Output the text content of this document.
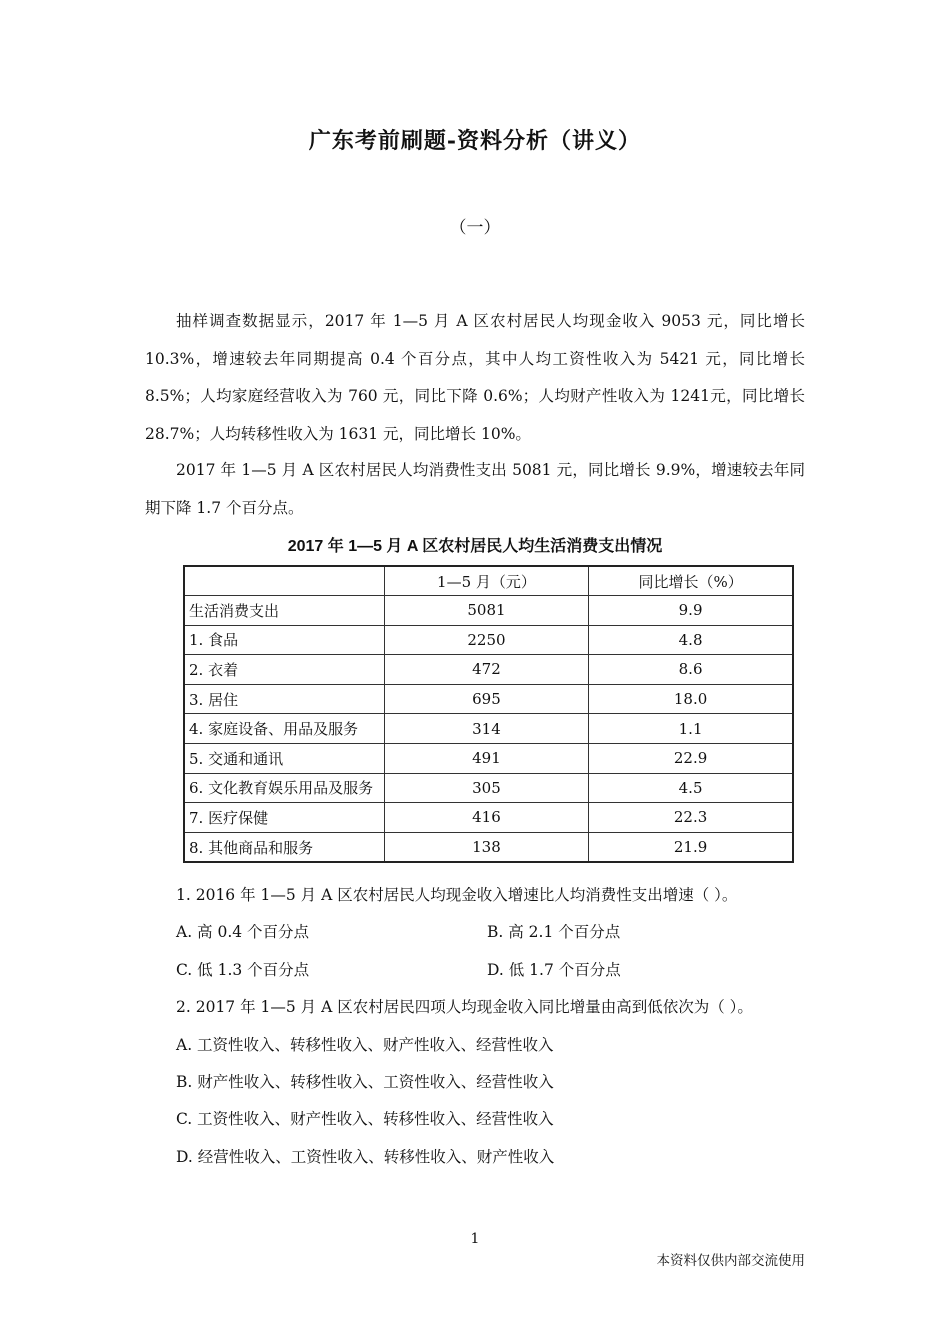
广东考前刷题-资料分析（讲义）
（一）

抽样调查数据显示，2017 年 1—5 月 A 区农村居民人均现金收入 9053 元，同比增长 10.3%，增速较去年同期提高 0.4 个百分点，其中人均工资性收入为 5421 元，同比增长 8.5%；人均家庭经营收入为 760 元，同比下降 0.6%；人均财产性收入为 1241元，同比增长 28.7%；人均转移性收入为 1631 元，同比增长 10%。

2017 年 1—5 月 A 区农村居民人均消费性支出 5081 元，同比增长 9.9%，增速较去年同期下降 1.7 个百分点。

2017 年 1—5 月 A 区农村居民人均生活消费支出情况
	1—5 月（元）	同比增长（%）
生活消费支出	5081	9.9
1. 食品	2250	4.8
2. 衣着	472	8.6
3. 居住	695	18.0
4. 家庭设备、用品及服务	314	1.1
5. 交通和通讯	491	22.9
6. 文化教育娱乐用品及服务	305	4.5
7. 医疗保健	416	22.3
8. 其他商品和服务	138	21.9
1. 2016 年 1—5 月 A 区农村居民人均现金收入增速比人均消费性支出增速（ ）。
A. 高 0.4 个百分点	B. 高 2.1 个百分点
C. 低 1.3 个百分点	D. 低 1.7 个百分点
2. 2017 年 1—5 月 A 区农村居民四项人均现金收入同比增量由高到低依次为（ ）。
A. 工资性收入、转移性收入、财产性收入、经营性收入
B. 财产性收入、转移性收入、工资性收入、经营性收入
C. 工资性收入、财产性收入、转移性收入、经营性收入
D. 经营性收入、工资性收入、转移性收入、财产性收入
1
本资料仅供内部交流使用
